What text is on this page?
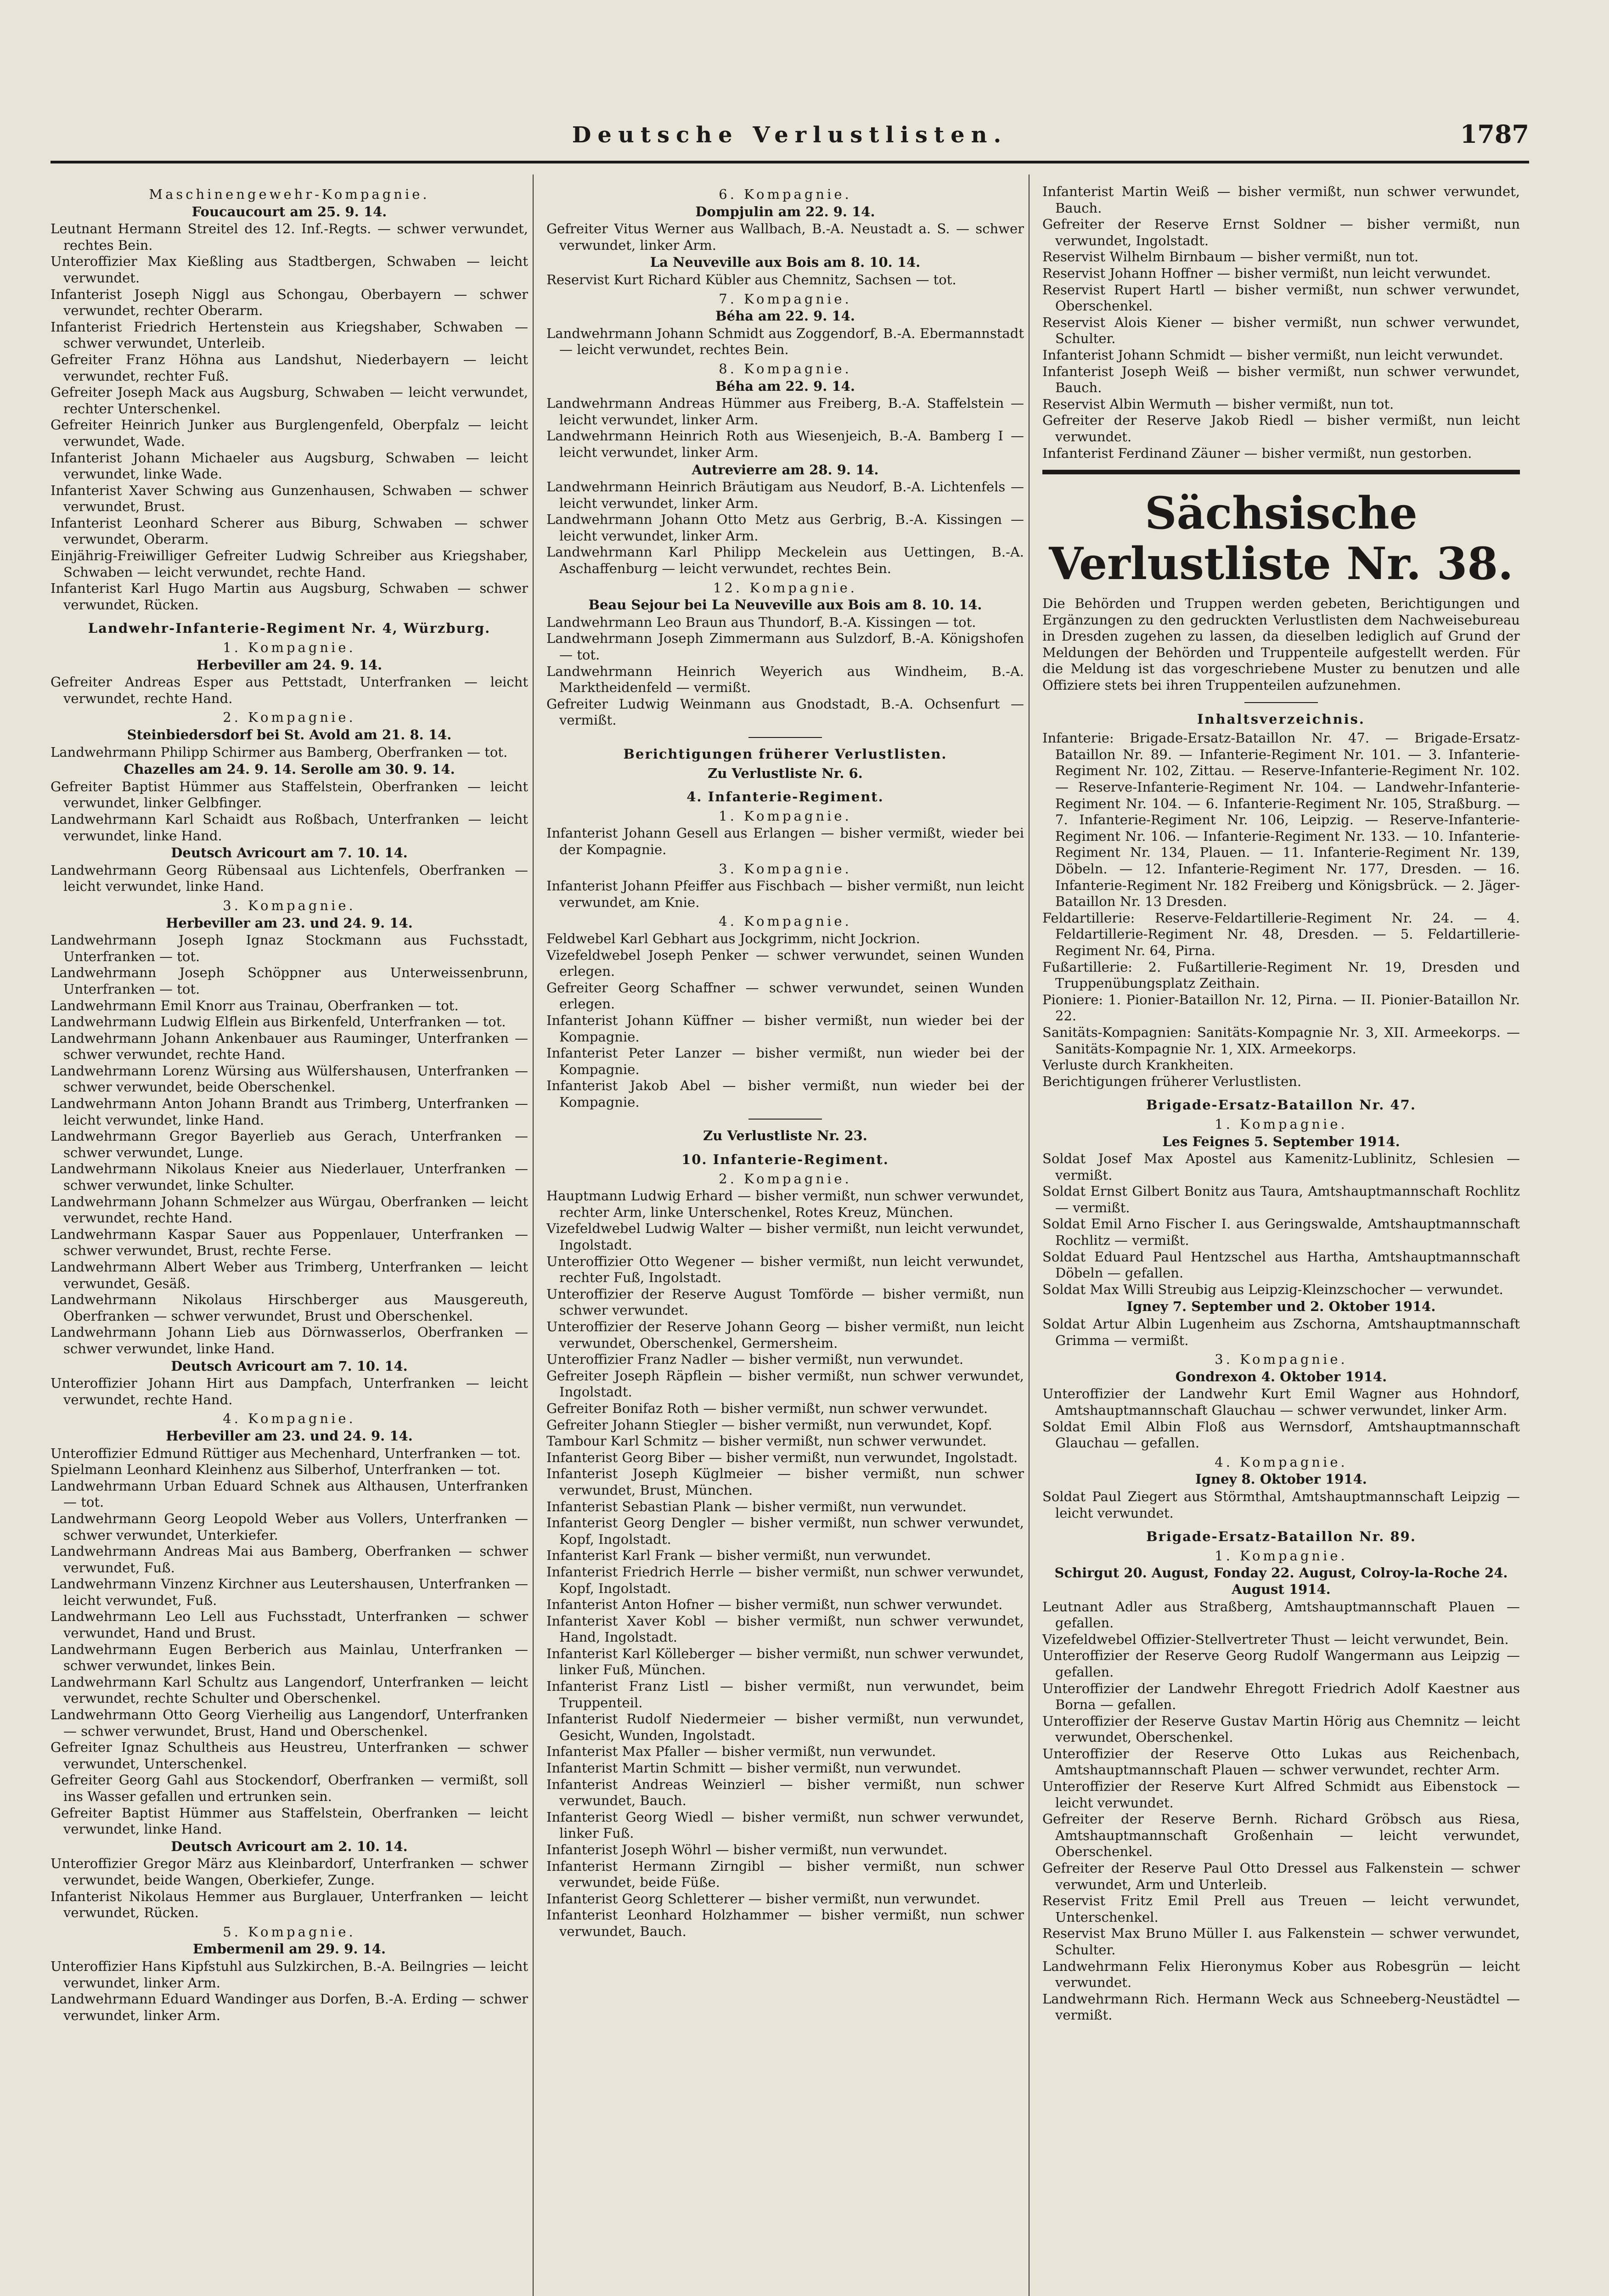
Deutsche Verlustlisten.	1787

Maschinengewehr-Kompagnie.

Foucaucourt am 25. 9. 14.

Leutnant Hermann Streitel des 12. Inf.-Regts. — schwer verwundet, rechtes Bein.

Unteroffizier Max Kießling aus Stadtbergen, Schwaben — leicht verwundet.

Infanterist Joseph Niggl aus Schongau, Oberbayern — schwer verwundet, rechter Oberarm.

Infanterist Friedrich Hertenstein aus Kriegshaber, Schwaben — schwer verwundet, Unterleib.

Gefreiter Franz Höhna aus Landshut, Niederbayern — leicht verwundet, rechter Fuß.

Gefreiter Joseph Mack aus Augsburg, Schwaben — leicht verwundet, rechter Unterschenkel.

Gefreiter Heinrich Junker aus Burglengenfeld, Oberpfalz — leicht verwundet, Wade.

Infanterist Johann Michaeler aus Augsburg, Schwaben — leicht verwundet, linke Wade.

Infanterist Xaver Schwing aus Gunzenhausen, Schwaben — schwer verwundet, Brust.

Infanterist Leonhard Scherer aus Biburg, Schwaben — schwer verwundet, Oberarm.

Einjährig-Freiwilliger Gefreiter Ludwig Schreiber aus Kriegshaber, Schwaben — leicht verwundet, rechte Hand.

Infanterist Karl Hugo Martin aus Augsburg, Schwaben — schwer verwundet, Rücken.

Landwehr-Infanterie-Regiment Nr. 4, Würzburg.

1. Kompagnie.

Herbeviller am 24. 9. 14.

Gefreiter Andreas Esper aus Pettstadt, Unterfranken — leicht verwundet, rechte Hand.

2. Kompagnie.

Steinbiedersdorf bei St. Avold am 21. 8. 14.

Landwehrmann Philipp Schirmer aus Bamberg, Oberfranken — tot.

Chazelles am 24. 9. 14. Serolle am 30. 9. 14.

Gefreiter Baptist Hümmer aus Staffelstein, Oberfranken — leicht verwundet, linker Gelbfinger.

Landwehrmann Karl Schaidt aus Roßbach, Unterfranken — leicht verwundet, linke Hand.

Deutsch Avricourt am 7. 10. 14.

Landwehrmann Georg Rübensaal aus Lichtenfels, Oberfranken — leicht verwundet, linke Hand.

3. Kompagnie.

Herbeviller am 23. und 24. 9. 14.

Landwehrmann Joseph Ignaz Stockmann aus Fuchsstadt, Unterfranken — tot.

Landwehrmann Joseph Schöppner aus Unterweissenbrunn, Unterfranken — tot.

Landwehrmann Emil Knorr aus Trainau, Oberfranken — tot.

Landwehrmann Ludwig Elflein aus Birkenfeld, Unterfranken — tot.

Landwehrmann Johann Ankenbauer aus Rauminger, Unterfranken — schwer verwundet, rechte Hand.

Landwehrmann Lorenz Würsing aus Wülfershausen, Unterfranken — schwer verwundet, beide Oberschenkel.

Landwehrmann Anton Johann Brandt aus Trimberg, Unterfranken — leicht verwundet, linke Hand.

Landwehrmann Gregor Bayerlieb aus Gerach, Unterfranken — schwer verwundet, Lunge.

Landwehrmann Nikolaus Kneier aus Niederlauer, Unterfranken — schwer verwundet, linke Schulter.

Landwehrmann Johann Schmelzer aus Würgau, Oberfranken — leicht verwundet, rechte Hand.

Landwehrmann Kaspar Sauer aus Poppenlauer, Unterfranken — schwer verwundet, Brust, rechte Ferse.

Landwehrmann Albert Weber aus Trimberg, Unterfranken — leicht verwundet, Gesäß.

Landwehrmann Nikolaus Hirschberger aus Mausgereuth, Oberfranken — schwer verwundet, Brust und Oberschenkel.

Landwehrmann Johann Lieb aus Dörnwasserlos, Oberfranken — schwer verwundet, linke Hand.

Deutsch Avricourt am 7. 10. 14.

Unteroffizier Johann Hirt aus Dampfach, Unterfranken — leicht verwundet, rechte Hand.

4. Kompagnie.

Herbeviller am 23. und 24. 9. 14.

Unteroffizier Edmund Rüttiger aus Mechenhard, Unterfranken — tot.

Spielmann Leonhard Kleinhenz aus Silberhof, Unterfranken — tot.

Landwehrmann Urban Eduard Schnek aus Althausen, Unterfranken — tot.

Landwehrmann Georg Leopold Weber aus Vollers, Unterfranken — schwer verwundet, Unterkiefer.

Landwehrmann Andreas Mai aus Bamberg, Oberfranken — schwer verwundet, Fuß.

Landwehrmann Vinzenz Kirchner aus Leutershausen, Unterfranken — leicht verwundet, Fuß.

Landwehrmann Leo Lell aus Fuchsstadt, Unterfranken — schwer verwundet, Hand und Brust.

Landwehrmann Eugen Berberich aus Mainlau, Unterfranken — schwer verwundet, linkes Bein.

Landwehrmann Karl Schultz aus Langendorf, Unterfranken — leicht verwundet, rechte Schulter und Oberschenkel.

Landwehrmann Otto Georg Vierheilig aus Langendorf, Unterfranken — schwer verwundet, Brust, Hand und Oberschenkel.

Gefreiter Ignaz Schultheis aus Heustreu, Unterfranken — schwer verwundet, Unterschenkel.

Gefreiter Georg Gahl aus Stockendorf, Oberfranken — vermißt, soll ins Wasser gefallen und ertrunken sein.

Gefreiter Baptist Hümmer aus Staffelstein, Oberfranken — leicht verwundet, linke Hand.

Deutsch Avricourt am 2. 10. 14.

Unteroffizier Gregor März aus Kleinbardorf, Unterfranken — schwer verwundet, beide Wangen, Oberkiefer, Zunge.

Infanterist Nikolaus Hemmer aus Burglauer, Unterfranken — leicht verwundet, Rücken.

5. Kompagnie.

Embermenil am 29. 9. 14.

Unteroffizier Hans Kipfstuhl aus Sulzkirchen, B.-A. Beilngries — leicht verwundet, linker Arm.

Landwehrmann Eduard Wandinger aus Dorfen, B.-A. Erding — schwer verwundet, linker Arm.

6. Kompagnie.

Dompjulin am 22. 9. 14.

Gefreiter Vitus Werner aus Wallbach, B.-A. Neustadt a. S. — schwer verwundet, linker Arm.

La Neuveville aux Bois am 8. 10. 14.

Reservist Kurt Richard Kübler aus Chemnitz, Sachsen — tot.

7. Kompagnie.

Béha am 22. 9. 14.

Landwehrmann Johann Schmidt aus Zoggendorf, B.-A. Ebermannstadt — leicht verwundet, rechtes Bein.

8. Kompagnie.

Béha am 22. 9. 14.

Landwehrmann Andreas Hümmer aus Freiberg, B.-A. Staffelstein — leicht verwundet, linker Arm.

Landwehrmann Heinrich Roth aus Wiesenjeich, B.-A. Bamberg I — leicht verwundet, linker Arm.

Autrevierre am 28. 9. 14.

Landwehrmann Heinrich Bräutigam aus Neudorf, B.-A. Lichtenfels — leicht verwundet, linker Arm.

Landwehrmann Johann Otto Metz aus Gerbrig, B.-A. Kissingen — leicht verwundet, linker Arm.

Landwehrmann Karl Philipp Meckelein aus Uettingen, B.-A. Aschaffenburg — leicht verwundet, rechtes Bein.

12. Kompagnie.

Beau Sejour bei La Neuveville aux Bois am 8. 10. 14.

Landwehrmann Leo Braun aus Thundorf, B.-A. Kissingen — tot.

Landwehrmann Joseph Zimmermann aus Sulzdorf, B.-A. Königshofen — tot.

Landwehrmann Heinrich Weyerich aus Windheim, B.-A. Marktheidenfeld — vermißt.

Gefreiter Ludwig Weinmann aus Gnodstadt, B.-A. Ochsenfurt — vermißt.

Berichtigungen früherer Verlustlisten.

Zu Verlustliste Nr. 6.

4. Infanterie-Regiment.

1. Kompagnie.

Infanterist Johann Gesell aus Erlangen — bisher vermißt, wieder bei der Kompagnie.

3. Kompagnie.

Infanterist Johann Pfeiffer aus Fischbach — bisher vermißt, nun leicht verwundet, am Knie.

4. Kompagnie.

Feldwebel Karl Gebhart aus Jockgrimm, nicht Jockrion.

Vizefeldwebel Joseph Penker — schwer verwundet, seinen Wunden erlegen.

Gefreiter Georg Schaffner — schwer verwundet, seinen Wunden erlegen.

Infanterist Johann Küffner — bisher vermißt, nun wieder bei der Kompagnie.

Infanterist Peter Lanzer — bisher vermißt, nun wieder bei der Kompagnie.

Infanterist Jakob Abel — bisher vermißt, nun wieder bei der Kompagnie.

Zu Verlustliste Nr. 23.

10. Infanterie-Regiment.

2. Kompagnie.

Hauptmann Ludwig Erhard — bisher vermißt, nun schwer verwundet, rechter Arm, linke Unterschenkel, Rotes Kreuz, München.

Vizefeldwebel Ludwig Walter — bisher vermißt, nun leicht verwundet, Ingolstadt.

Unteroffizier Otto Wegener — bisher vermißt, nun leicht verwundet, rechter Fuß, Ingolstadt.

Unteroffizier der Reserve August Tomförde — bisher vermißt, nun schwer verwundet.

Unteroffizier der Reserve Johann Georg — bisher vermißt, nun leicht verwundet, Oberschenkel, Germersheim.

Unteroffizier Franz Nadler — bisher vermißt, nun verwundet.

Gefreiter Joseph Räpflein — bisher vermißt, nun schwer verwundet, Ingolstadt.

Gefreiter Bonifaz Roth — bisher vermißt, nun schwer verwundet.

Gefreiter Johann Stiegler — bisher vermißt, nun verwundet, Kopf.

Tambour Karl Schmitz — bisher vermißt, nun schwer verwundet.

Infanterist Georg Biber — bisher vermißt, nun verwundet, Ingolstadt.

Infanterist Joseph Küglmeier — bisher vermißt, nun schwer verwundet, Brust, München.

Infanterist Sebastian Plank — bisher vermißt, nun verwundet.

Infanterist Georg Dengler — bisher vermißt, nun schwer verwundet, Kopf, Ingolstadt.

Infanterist Karl Frank — bisher vermißt, nun verwundet.

Infanterist Friedrich Herrle — bisher vermißt, nun schwer verwundet, Kopf, Ingolstadt.

Infanterist Anton Hofner — bisher vermißt, nun schwer verwundet.

Infanterist Xaver Kobl — bisher vermißt, nun schwer verwundet, Hand, Ingolstadt.

Infanterist Karl Kölleberger — bisher vermißt, nun schwer verwundet, linker Fuß, München.

Infanterist Franz Listl — bisher vermißt, nun verwundet, beim Truppenteil.

Infanterist Rudolf Niedermeier — bisher vermißt, nun verwundet, Gesicht, Wunden, Ingolstadt.

Infanterist Max Pfaller — bisher vermißt, nun verwundet.

Infanterist Martin Schmitt — bisher vermißt, nun verwundet.

Infanterist Andreas Weinzierl — bisher vermißt, nun schwer verwundet, Bauch.

Infanterist Georg Wiedl — bisher vermißt, nun schwer verwundet, linker Fuß.

Infanterist Joseph Wöhrl — bisher vermißt, nun verwundet.

Infanterist Hermann Zirngibl — bisher vermißt, nun schwer verwundet, beide Füße.

Infanterist Georg Schletterer — bisher vermißt, nun verwundet.

Infanterist Leonhard Holzhammer — bisher vermißt, nun schwer verwundet, Bauch.

Infanterist Martin Weiß — bisher vermißt, nun schwer verwundet, Bauch.

Gefreiter der Reserve Ernst Soldner — bisher vermißt, nun verwundet, Ingolstadt.

Reservist Wilhelm Birnbaum — bisher vermißt, nun tot.

Reservist Johann Hoffner — bisher vermißt, nun leicht verwundet.

Reservist Rupert Hartl — bisher vermißt, nun schwer verwundet, Oberschenkel.

Reservist Alois Kiener — bisher vermißt, nun schwer verwundet, Schulter.

Infanterist Johann Schmidt — bisher vermißt, nun leicht verwundet.

Infanterist Joseph Weiß — bisher vermißt, nun schwer verwundet, Bauch.

Reservist Albin Wermuth — bisher vermißt, nun tot.

Gefreiter der Reserve Jakob Riedl — bisher vermißt, nun leicht verwundet.

Infanterist Ferdinand Zäuner — bisher vermißt, nun gestorben.

Sächsische Verlustliste Nr. 38.

Die Behörden und Truppen werden gebeten, Berichtigungen und Ergänzungen zu den gedruckten Verlustlisten dem Nachweisebureau in Dresden zugehen zu lassen, da dieselben lediglich auf Grund der Meldungen der Behörden und Truppenteile aufgestellt werden. Für die Meldung ist das vorgeschriebene Muster zu benutzen und alle Offiziere stets bei ihren Truppenteilen aufzunehmen.

Inhaltsverzeichnis.

Infanterie: Brigade-Ersatz-Bataillon Nr. 47. — Brigade-Ersatz-Bataillon Nr. 89. — Infanterie-Regiment Nr. 101. — 3. Infanterie-Regiment Nr. 102, Zittau. — Reserve-Infanterie-Regiment Nr. 102. — Reserve-Infanterie-Regiment Nr. 104. — Landwehr-Infanterie-Regiment Nr. 104. — 6. Infanterie-Regiment Nr. 105, Straßburg. — 7. Infanterie-Regiment Nr. 106, Leipzig. — Reserve-Infanterie-Regiment Nr. 106. — Infanterie-Regiment Nr. 133. — 10. Infanterie-Regiment Nr. 134, Plauen. — 11. Infanterie-Regiment Nr. 139, Döbeln. — 12. Infanterie-Regiment Nr. 177, Dresden. — 16. Infanterie-Regiment Nr. 182 Freiberg und Königsbrück. — 2. Jäger-Bataillon Nr. 13 Dresden.

Feldartillerie: Reserve-Feldartillerie-Regiment Nr. 24. — 4. Feldartillerie-Regiment Nr. 48, Dresden. — 5. Feldartillerie-Regiment Nr. 64, Pirna.

Fußartillerie: 2. Fußartillerie-Regiment Nr. 19, Dresden und Truppenübungsplatz Zeithain.

Pioniere: 1. Pionier-Bataillon Nr. 12, Pirna. — II. Pionier-Bataillon Nr. 22.

Sanitäts-Kompagnien: Sanitäts-Kompagnie Nr. 3, XII. Armeekorps. — Sanitäts-Kompagnie Nr. 1, XIX. Armeekorps.

Verluste durch Krankheiten.

Berichtigungen früherer Verlustlisten.

Brigade-Ersatz-Bataillon Nr. 47.

1. Kompagnie.

Les Feignes 5. September 1914.

Soldat Josef Max Apostel aus Kamenitz-Lublinitz, Schlesien — vermißt.

Soldat Ernst Gilbert Bonitz aus Taura, Amtshauptmannschaft Rochlitz — vermißt.

Soldat Emil Arno Fischer I. aus Geringswalde, Amtshauptmannschaft Rochlitz — vermißt.

Soldat Eduard Paul Hentzschel aus Hartha, Amtshauptmannschaft Döbeln — gefallen.

Soldat Max Willi Streubig aus Leipzig-Kleinzschocher — verwundet.

Igney 7. September und 2. Oktober 1914.

Soldat Artur Albin Lugenheim aus Zschorna, Amtshauptmannschaft Grimma — vermißt.

3. Kompagnie.

Gondrexon 4. Oktober 1914.

Unteroffizier der Landwehr Kurt Emil Wagner aus Hohndorf, Amtshauptmannschaft Glauchau — schwer verwundet, linker Arm.

Soldat Emil Albin Floß aus Wernsdorf, Amtshauptmannschaft Glauchau — gefallen.

4. Kompagnie.

Igney 8. Oktober 1914.

Soldat Paul Ziegert aus Störmthal, Amtshauptmannschaft Leipzig — leicht verwundet.

Brigade-Ersatz-Bataillon Nr. 89.

1. Kompagnie.

Schirgut 20. August, Fonday 22. August, Colroy-la-Roche 24. August 1914.

Leutnant Adler aus Straßberg, Amtshauptmannschaft Plauen — gefallen.

Vizefeldwebel Offizier-Stellvertreter Thust — leicht verwundet, Bein.

Unteroffizier der Reserve Georg Rudolf Wangermann aus Leipzig — gefallen.

Unteroffizier der Landwehr Ehregott Friedrich Adolf Kaestner aus Borna — gefallen.

Unteroffizier der Reserve Gustav Martin Hörig aus Chemnitz — leicht verwundet, Oberschenkel.

Unteroffizier der Reserve Otto Lukas aus Reichenbach, Amtshauptmannschaft Plauen — schwer verwundet, rechter Arm.

Unteroffizier der Reserve Kurt Alfred Schmidt aus Eibenstock — leicht verwundet.

Gefreiter der Reserve Bernh. Richard Gröbsch aus Riesa, Amtshauptmannschaft Großenhain — leicht verwundet, Oberschenkel.

Gefreiter der Reserve Paul Otto Dressel aus Falkenstein — schwer verwundet, Arm und Unterleib.

Reservist Fritz Emil Prell aus Treuen — leicht verwundet, Unterschenkel.

Reservist Max Bruno Müller I. aus Falkenstein — schwer verwundet, Schulter.

Landwehrmann Felix Hieronymus Kober aus Robesgrün — leicht verwundet.

Landwehrmann Rich. Hermann Weck aus Schneeberg-Neustädtel — vermißt.
